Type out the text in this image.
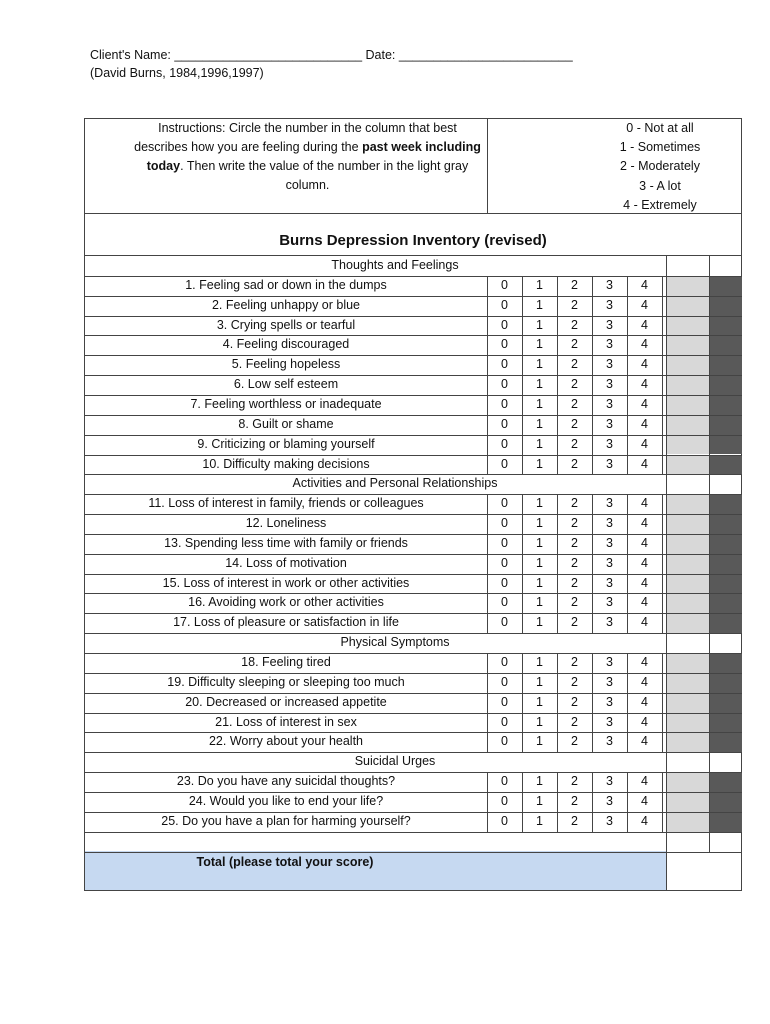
Client's Name: ___________________________ Date: _________________________
(David Burns, 1984,1996,1997)
Instructions: Circle the number in the column that best describes how you are feeling during the past week including today. Then write the value of the number in the light gray column.
0 - Not at all
1 - Sometimes
2 - Moderately
3 - A lot
4 - Extremely
Burns Depression Inventory (revised)
Total (please total your score)
Thoughts and Feelings
1. Feeling sad or down in the dumps	0	1	2	3	4
2. Feeling unhappy or blue	0	1	2	3	4
3. Crying spells or tearful	0	1	2	3	4
4. Feeling discouraged	0	1	2	3	4
5. Feeling hopeless	0	1	2	3	4
6. Low self esteem	0	1	2	3	4
7. Feeling worthless or inadequate	0	1	2	3	4
8. Guilt or shame	0	1	2	3	4
9. Criticizing or blaming yourself	0	1	2	3	4
10. Difficulty making decisions	0	1	2	3	4
Activities and Personal Relationships
11. Loss of interest in family, friends or colleagues	0	1	2	3	4
12. Loneliness	0	1	2	3	4
13. Spending less time with family or friends	0	1	2	3	4
14. Loss of motivation	0	1	2	3	4
15. Loss of interest in work or other activities	0	1	2	3	4
16. Avoiding work or other activities	0	1	2	3	4
17. Loss of pleasure or satisfaction in life	0	1	2	3	4
Physical Symptoms
18. Feeling tired	0	1	2	3	4
19. Difficulty sleeping or sleeping too much	0	1	2	3	4
20. Decreased or increased appetite	0	1	2	3	4
21. Loss of interest in sex	0	1	2	3	4
22. Worry about your health	0	1	2	3	4
Suicidal Urges
23. Do you have any suicidal thoughts?	0	1	2	3	4
24. Would you like to end your life?	0	1	2	3	4
25. Do you have a plan for harming yourself?	0	1	2	3	4
